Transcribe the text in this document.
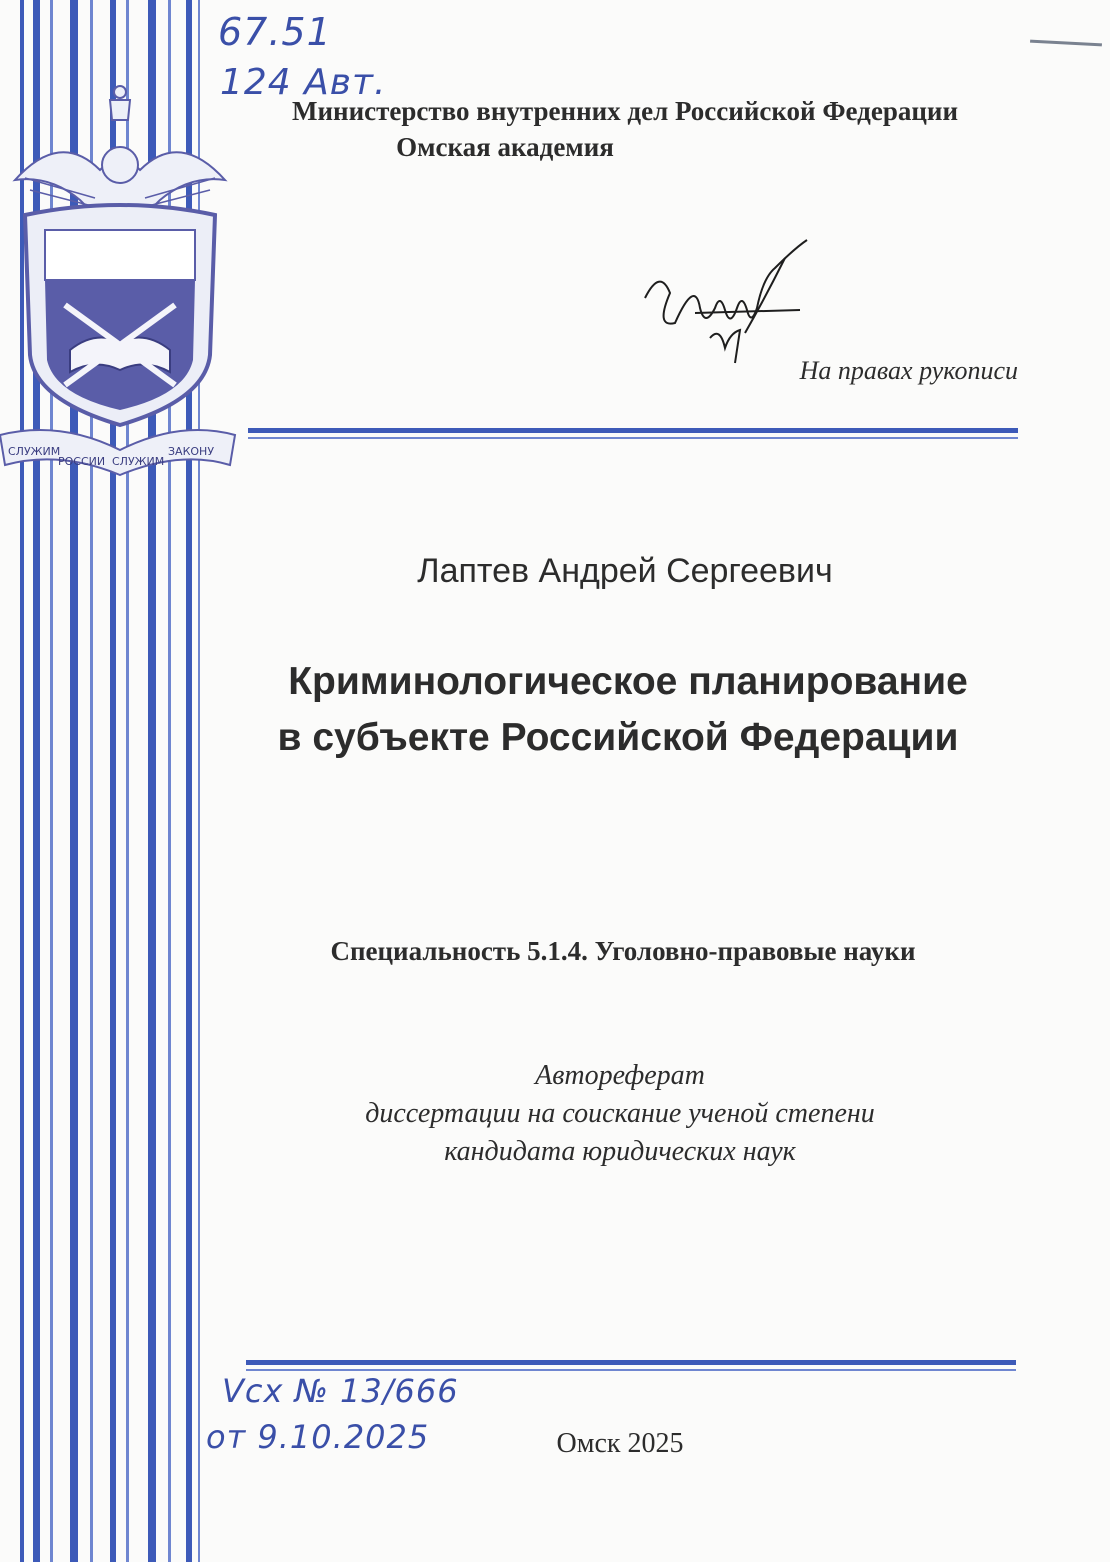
СЛУЖИМ
РОССИИ СЛУЖИМ
ЗАКОНУ
67.51
124 Авт.
Vcx № 13/666
от 9.10.2025
Министерство внутренних дел Российской Федерации
Омская академия
На правах рукописи
Лаптев Андрей Сергеевич
Криминологическое планирование
в субъекте Российской Федерации
Специальность 5.1.4. Уголовно-правовые науки
Автореферат
диссертации на соискание ученой степени
кандидата юридических наук
Омск 2025
